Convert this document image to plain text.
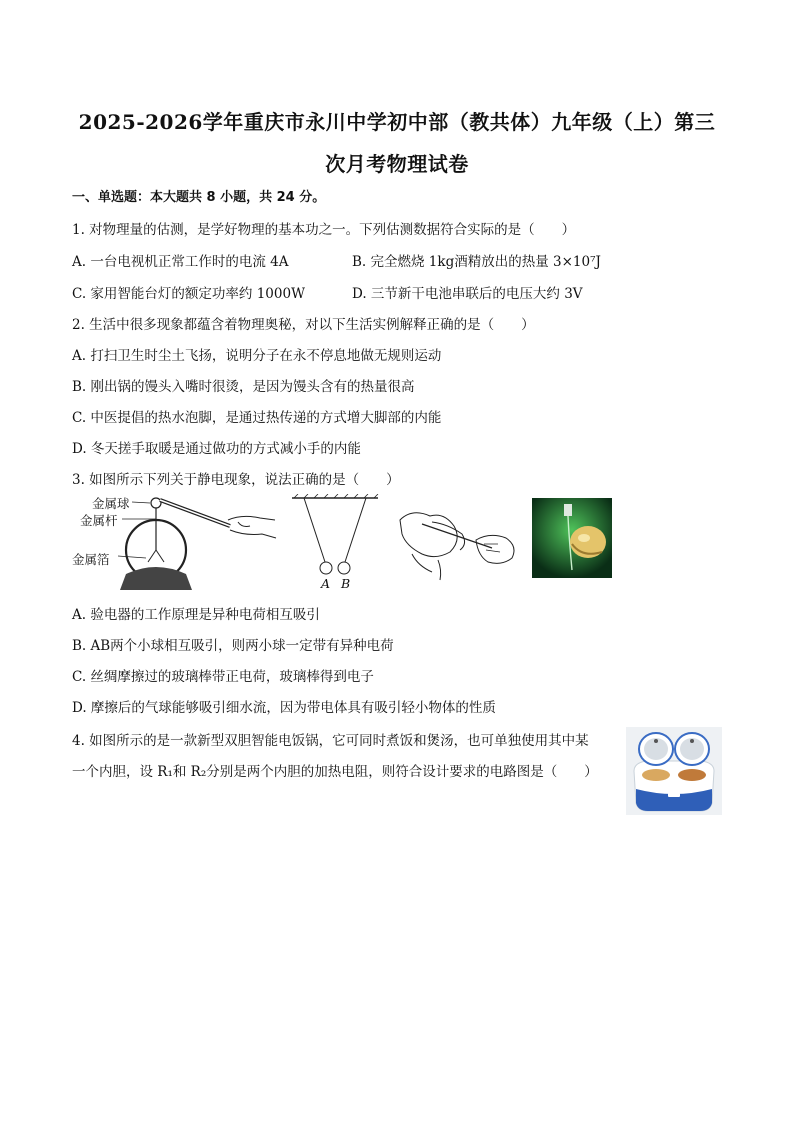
2025-2026学年重庆市永川中学初中部（教共体）九年级（上）第三
次月考物理试卷
一、单选题：本大题共 8 小题，共 24 分。
1. 对物理量的估测，是学好物理的基本功之一。下列估测数据符合实际的是（　　）
A. 一台电视机正常工作时的电流 4A	B. 完全燃烧 1kg酒精放出的热量 3×10⁷J
C. 家用智能台灯的额定功率约 1000W	D. 三节新干电池串联后的电压大约 3V
2. 生活中很多现象都蕴含着物理奥秘，对以下生活实例解释正确的是（　　）
A. 打扫卫生时尘土飞扬，说明分子在永不停息地做无规则运动
B. 刚出锅的馒头入嘴时很烫，是因为馒头含有的热量很高
C. 中医提倡的热水泡脚，是通过热传递的方式增大脚部的内能
D. 冬天搓手取暖是通过做功的方式减小手的内能
3. 如图所示下列关于静电现象，说法正确的是（　　）
金属球
金属杆
金属箔
A B
A. 验电器的工作原理是异种电荷相互吸引
B. AB两个小球相互吸引，则两小球一定带有异种电荷
C. 丝绸摩擦过的玻璃棒带正电荷，玻璃棒得到电子
D. 摩擦后的气球能够吸引细水流，因为带电体具有吸引轻小物体的性质
4. 如图所示的是一款新型双胆智能电饭锅，它可同时煮饭和煲汤，也可单独使用其中某
一个内胆，设 R₁和 R₂分别是两个内胆的加热电阻，则符合设计要求的电路图是（　　）
